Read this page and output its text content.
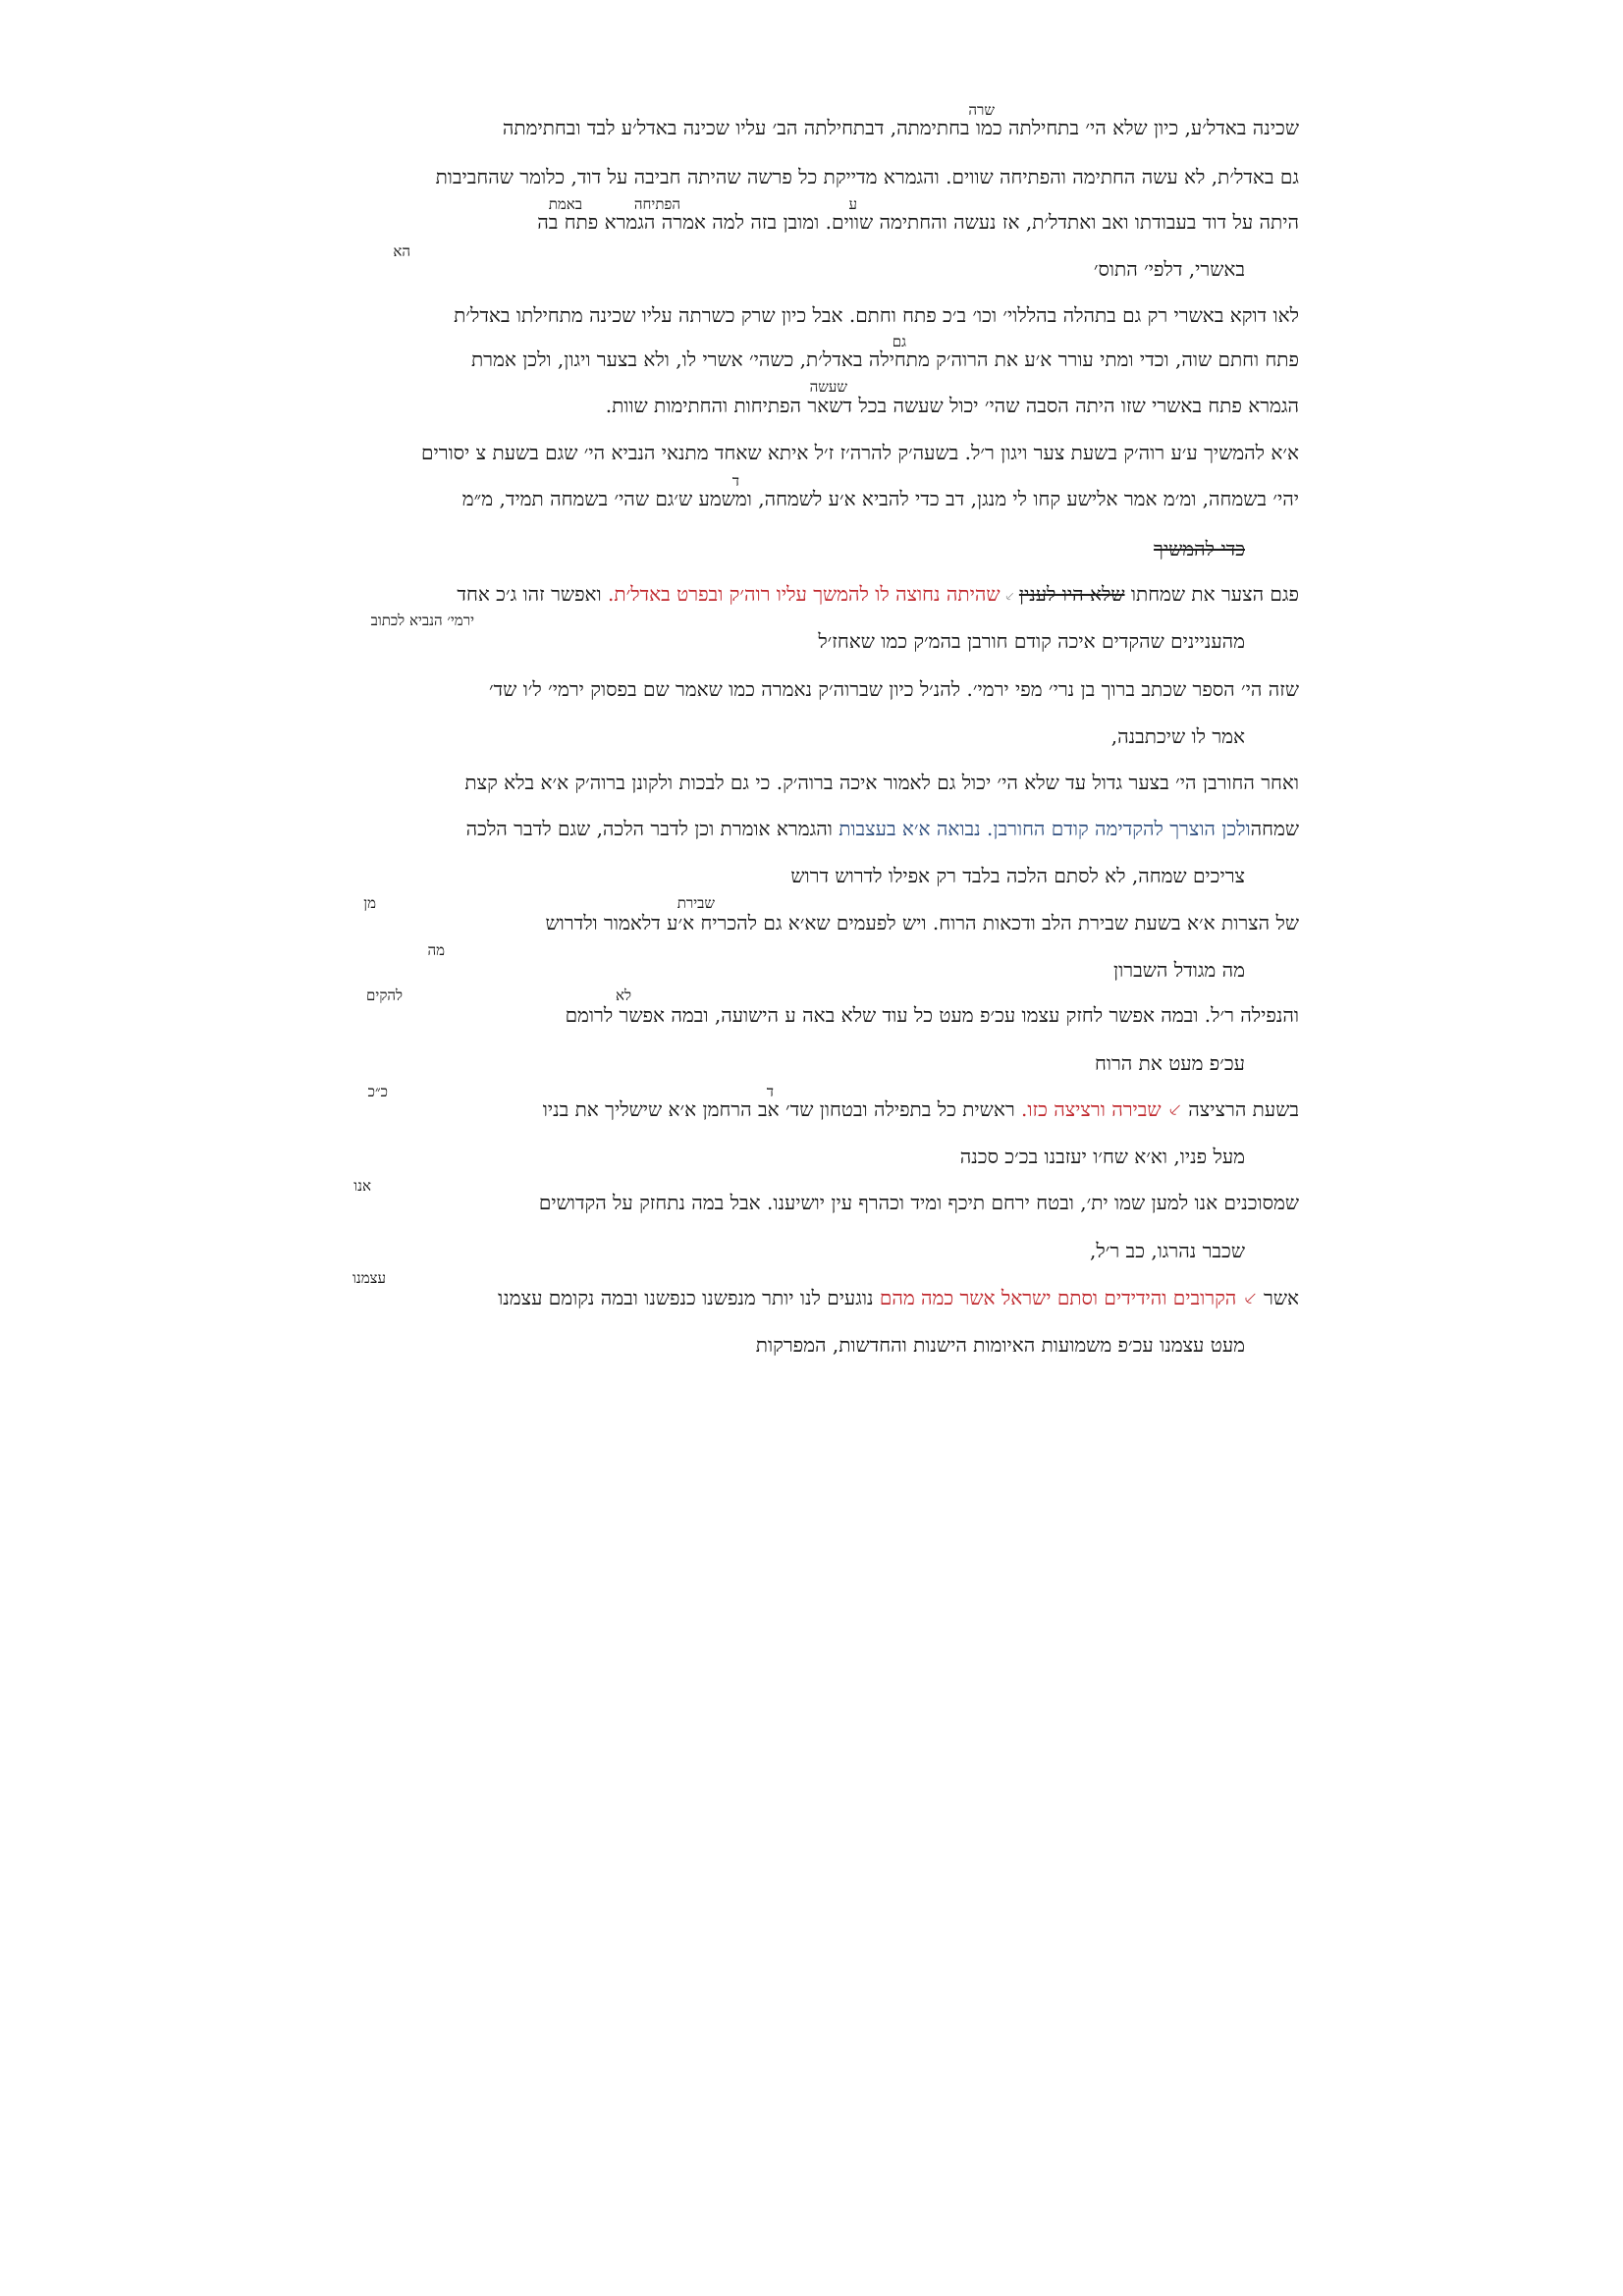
שרה
שכינה באדל׳ע, כיון שלא הי׳ בתחילתה כמו בחתימתה, דבתחילתה הב׳ עליו שכינה באדל׳ע לבד ובחתימתה
גם באדל׳ת, לא עשה החתימה והפתיחה שווים. והגמרא מדייקת כל פרשה שהיתה חביבה על דוד, כלומר שהחביבות
באמת	הפתיחה	ע
היתה על דוד בעבודתו ואב ואתדל׳ת, אז נעשה והחתימה שווים. ומובן בזה למה אמרה הגמרא פתח בה
הא
באשרי, דלפי׳ התוס׳
לאו דוקא באשרי רק גם בתהלה בהללוי׳ וכו׳ ב׳כ פתח וחתם. אבל כיון שרק כשרתה עליו שכינה מתחילתו באדל׳ת
גם
פתח וחתם שוה, וכדי ומתי עורר א׳ע את הרוה׳ק מתחילה באדל׳ת, כשהי׳ אשרי לו, ולא בצער ויגון, ולכן אמרת
שעשה
הגמרא פתח באשרי שזו היתה הסבה שהי׳ יכול שעשה בכל דשאר הפתיחות והחתימות שוות.
א׳א להמשיך ע׳ע רוה׳ק בשעת צער ויגון ר׳ל. בשעה׳ק להרה׳ז ז׳ל איתא שאחד מתנאי הנביא הי׳ שגם בשעת צ יסורים
ד
יהי׳ בשמחה, ומ׳מ אמר אלישע קחו לי מנגן, דב כדי להביא א׳ע לשמחה, ומשמע ש׳גם שהי׳ בשמחה תמיד, מ״מ
כדי להמשיך
פגם הצער את שמחתו שלא היו לענין ⸔ שהיתה נחוצה לו להמשך עליו רוה׳ק ובפרט באדל׳ת. ואפשר זהו ג׳כ אחד
ירמי׳ הנביא לכתוב
מהעניינים שהקדים איכה קודם חורבן בהמ׳ק כמו שאחז׳ל
שזה הי׳ הספר שכתב ברוך בן נרי׳ מפי ירמי׳. להנ׳ל כיון שברוה׳ק נאמרה כמו שאמר שם בפסוק ירמי׳ ל׳ו שד׳
אמר לו שיכתבנה,
ואחר החורבן הי׳ בצער גדול עד שלא הי׳ יכול גם לאמור איכה ברוה׳ק. כי גם לבכות ולקונן ברוה׳ק א׳א בלא קצת
שמחהולכן הוצרך להקדימה קודם החורבן. נבואה א׳א בעצבות והגמרא אומרת וכן לדבר הלכה, שגם לדבר הלכה
צריכים שמחה, לא לסתם הלכה בלבד רק אפילו לדרוש דרוש
מן	שבירת
של הצרות א׳א בשעת שבירת הלב ודכאות הרוח. ויש לפעמים שא׳א גם להכריח א׳ע דלאמור ולדרוש
מה
מה מגודל השברון
לא
להקים
והנפילה ר׳ל. ובמה אפשר לחזק עצמו עכ׳פ מעט כל עוד שלא באה ע הישועה, ובמה אפשר לרומם
עכ׳פ מעט את הרוח
ד
כ״כ
בשעת הרציצה ⸔ שבירה ורציצה כזו. ראשית כל בתפילה ובטחון שד׳ אב הרחמן א׳א שישליך את בניו
מעל פניו, וא׳א שח׳ו יעזבנו בכ׳כ סכנה
אנו
שמסוכנים אנו למען שמו ית׳, ובטח ירחם תיכף ומיד וכהרף עין יושיענו. אבל במה נתחזק על הקדושים
שכבר נהרגו, כב ר׳ל,
עצמנו
אשר ⸔ הקרובים והידידים וסתם ישראל אשר כמה מהם נוגעים לנו יותר מנפשנו כנפשנו ובמה נקומם עצמנו
מעט עצמנו עכ׳פ משמועות האיומות הישנות והחדשות, המפרקות
